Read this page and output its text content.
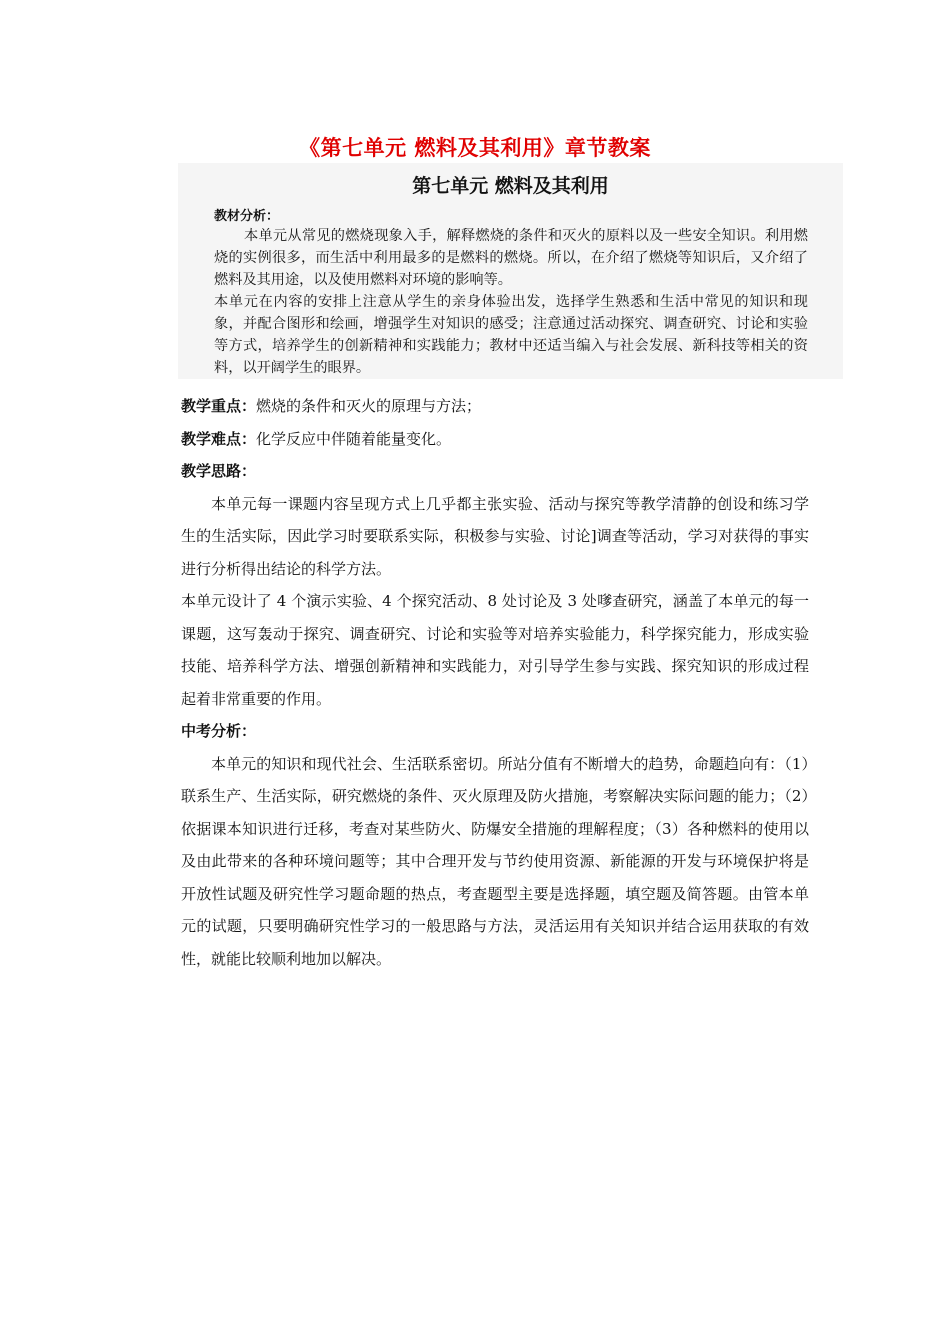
《第七单元 燃料及其利用》章节教案
第七单元 燃料及其利用
教材分析：
本单元从常见的燃烧现象入手，解释燃烧的条件和灭火的原料以及一些安全知识。利用燃烧的实例很多，而生活中利用最多的是燃料的燃烧。所以，在介绍了燃烧等知识后，又介绍了燃料及其用途，以及使用燃料对环境的影响等。
本单元在内容的安排上注意从学生的亲身体验出发，选择学生熟悉和生活中常见的知识和现象，并配合图形和绘画，增强学生对知识的感受；注意通过活动探究、调查研究、讨论和实验等方式，培养学生的创新精神和实践能力；教材中还适当编入与社会发展、新科技等相关的资料，以开阔学生的眼界。
教学重点：燃烧的条件和灭火的原理与方法；
教学难点：化学反应中伴随着能量变化。
教学思路：
本单元每一课题内容呈现方式上几乎都主张实验、活动与探究等教学清静的创设和练习学生的生活实际，因此学习时要联系实际，积极参与实验、讨论]调查等活动，学习对获得的事实进行分析得出结论的科学方法。
本单元设计了 4 个演示实验、4 个探究活动、8 处讨论及 3 处嗲查研究，涵盖了本单元的每一课题，这写轰动于探究、调查研究、讨论和实验等对培养实验能力，科学探究能力，形成实验技能、培养科学方法、增强创新精神和实践能力，对引导学生参与实践、探究知识的形成过程起着非常重要的作用。
中考分析：
本单元的知识和现代社会、生活联系密切。所站分值有不断增大的趋势，命题趋向有：（1）联系生产、生活实际，研究燃烧的条件、灭火原理及防火措施，考察解决实际问题的能力；（2）依据课本知识进行迁移，考查对某些防火、防爆安全措施的理解程度；（3）各种燃料的使用以及由此带来的各种环境问题等；其中合理开发与节约使用资源、新能源的开发与环境保护将是开放性试题及研究性学习题命题的热点，考查题型主要是选择题，填空题及简答题。由管本单元的试题，只要明确研究性学习的一般思路与方法，灵活运用有关知识并结合运用获取的有效性，就能比较顺利地加以解决。
